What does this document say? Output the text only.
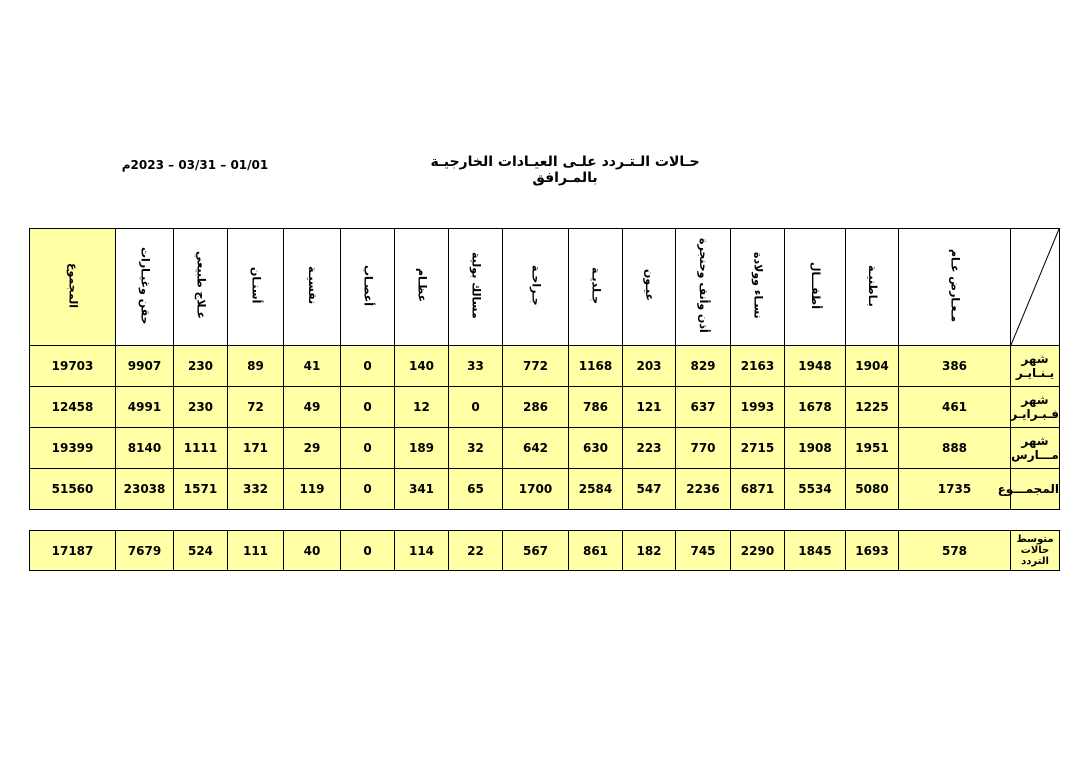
حـالات الـتـردد علـى العيـادات الخارجيـة بالمـرافق
01/01 – 03/31 – 2023م
المجموع	حقن وغيـارات	عـلاج طبيعي	أسنـان	نفسيـة	أعصـاب	عظـام	مسالك بولية	جـراحـة	جـلديـة	عيـون	أذن وأنف وحنجرة	نسـاء وولادة	أطفـــال	بـاطنيـة	مـعـارض عـام	

19703	9907	230	89	41	0	140	33	772	1168	203	829	2163	1948	1904	386	شهر يـنـايـر
12458	4991	230	72	49	0	12	0	286	786	121	637	1993	1678	1225	461	شهر فـبـرايـر
19399	8140	1111	171	29	0	189	32	642	630	223	770	2715	1908	1951	888	شهر مـــارس
51560	23038	1571	332	119	0	341	65	1700	2584	547	2236	6871	5534	5080	1735	المجمـــوع
17187	7679	524	111	40	0	114	22	567	861	182	745	2290	1845	1693	578	متوسط حالات التردد
